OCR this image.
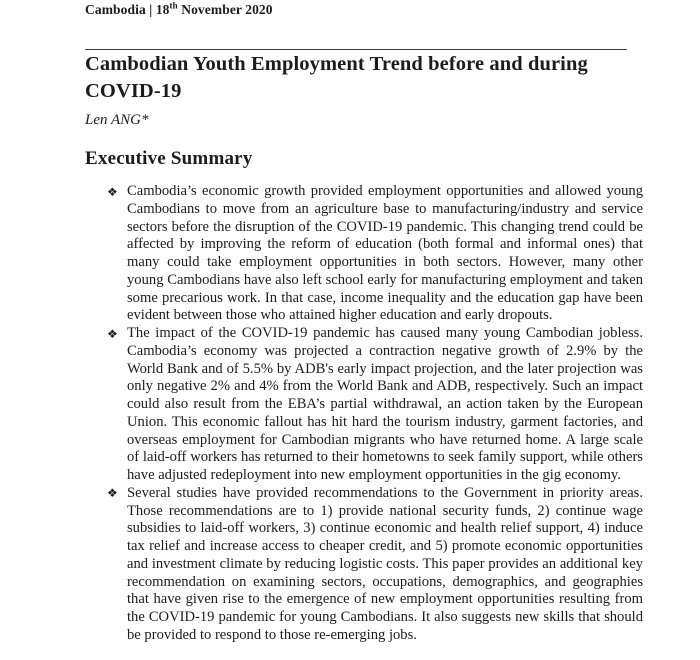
Cambodia | 18th November 2020
Cambodian Youth Employment Trend before and during COVID-19
Len ANG*
Executive Summary
❖ Cambodia’s economic growth provided employment opportunities and allowed young Cambodians to move from an agriculture base to manufacturing/industry and service sectors before the disruption of the COVID-19 pandemic. This changing trend could be affected by improving the reform of education (both formal and informal ones) that many could take employment opportunities in both sectors. However, many other young Cambodians have also left school early for manufacturing employment and taken some precarious work. In that case, income inequality and the education gap have been evident between those who attained higher education and early dropouts.
❖ The impact of the COVID-19 pandemic has caused many young Cambodian jobless. Cambodia’s economy was projected a contraction negative growth of 2.9% by the World Bank and of 5.5% by ADB's early impact projection, and the later projection was only negative 2% and 4% from the World Bank and ADB, respectively. Such an impact could also result from the EBA’s partial withdrawal, an action taken by the European Union. This economic fallout has hit hard the tourism industry, garment factories, and overseas employment for Cambodian migrants who have returned home. A large scale of laid-off workers has returned to their hometowns to seek family support, while others have adjusted redeployment into new employment opportunities in the gig economy.
❖ Several studies have provided recommendations to the Government in priority areas. Those recommendations are to 1) provide national security funds, 2) continue wage subsidies to laid-off workers, 3) continue economic and health relief support, 4) induce tax relief and increase access to cheaper credit, and 5) promote economic opportunities and investment climate by reducing logistic costs. This paper provides an additional key recommendation on examining sectors, occupations, demographics, and geographies that have given rise to the emergence of new employment opportunities resulting from the COVID-19 pandemic for young Cambodians. It also suggests new skills that should be provided to respond to those re-emerging jobs.
